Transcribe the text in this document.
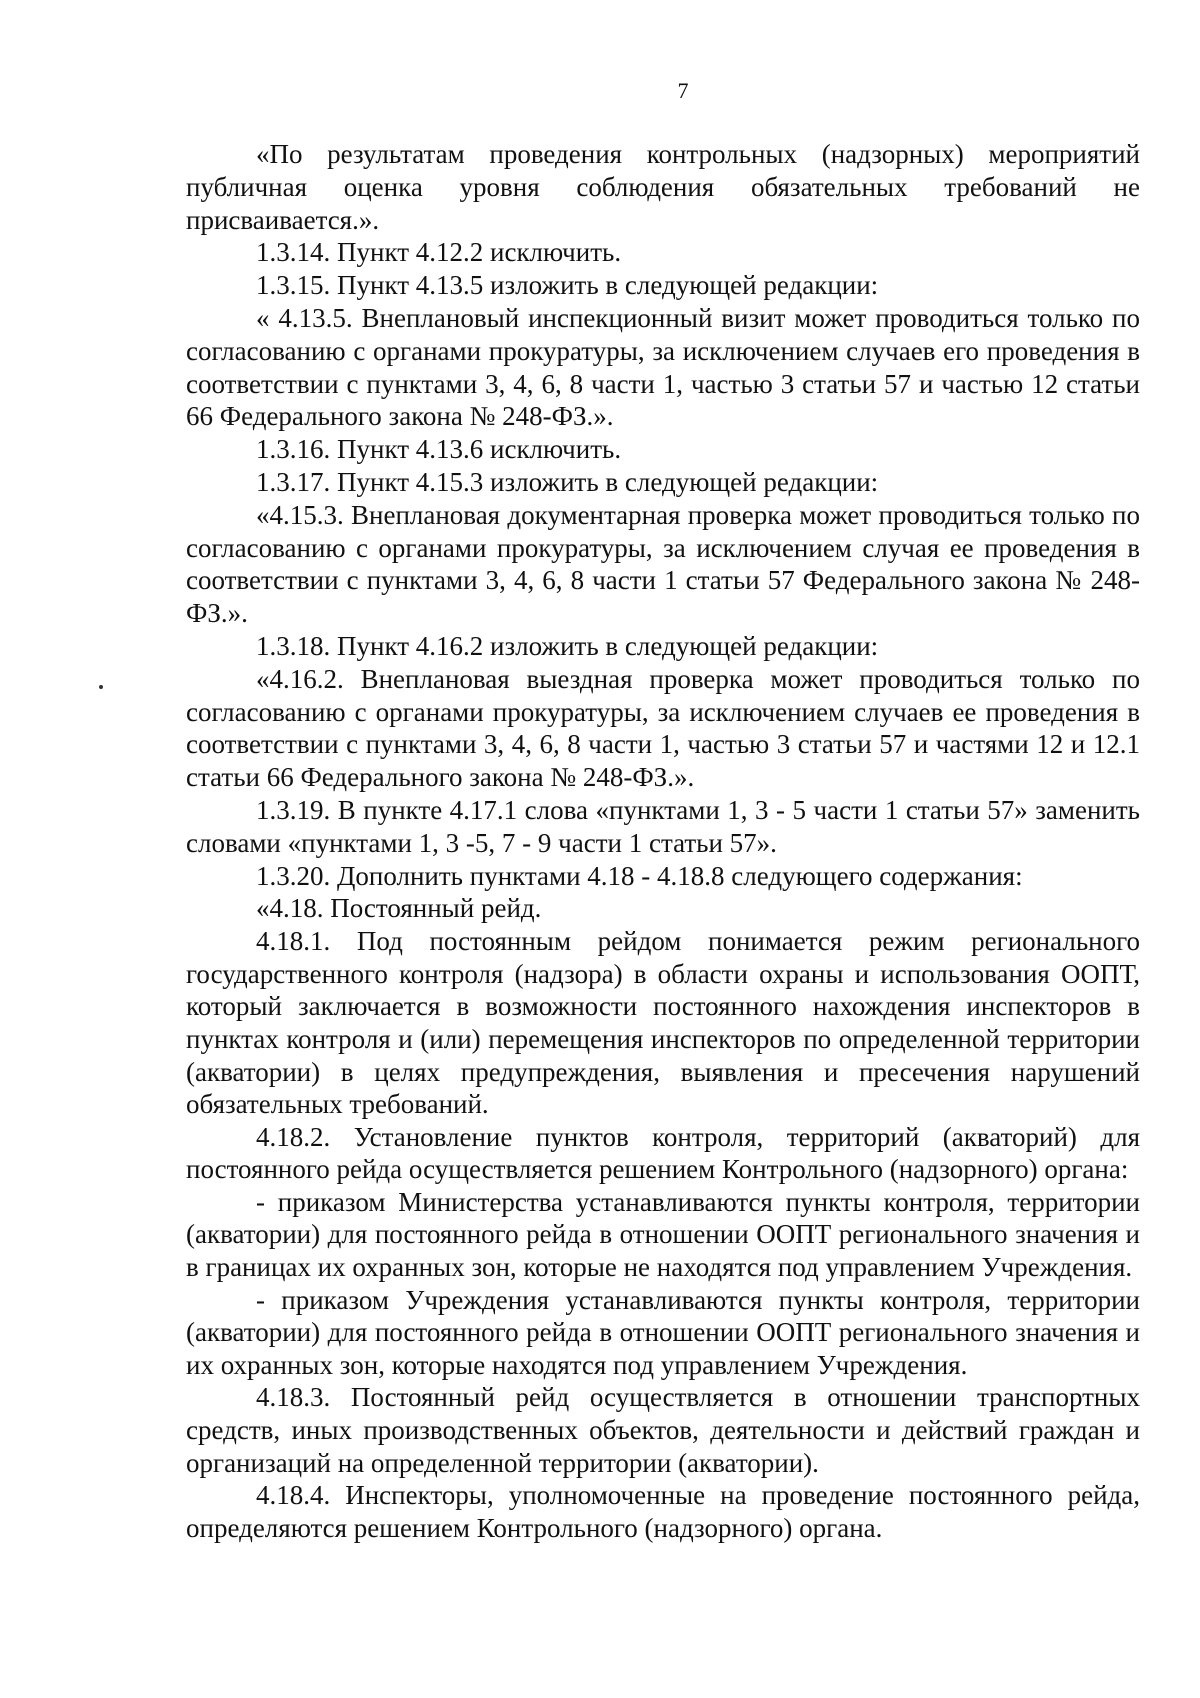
7

«По результатам проведения контрольных (надзорных) мероприятий публичная оценка уровня соблюдения обязательных требований не присваивается.».

1.3.14. Пункт 4.12.2 исключить.

1.3.15. Пункт 4.13.5 изложить в следующей редакции:

« 4.13.5. Внеплановый инспекционный визит может проводиться только по согласованию с органами прокуратуры, за исключением случаев его проведения в соответствии с пунктами 3, 4, 6, 8 части 1, частью 3 статьи 57 и частью 12 статьи 66 Федерального закона № 248-ФЗ.».

1.3.16. Пункт 4.13.6 исключить.

1.3.17. Пункт 4.15.3 изложить в следующей редакции:

«4.15.3. Внеплановая документарная проверка может проводиться только по согласованию с органами прокуратуры, за исключением случая ее проведения в соответствии с пунктами 3, 4, 6, 8 части 1 статьи 57 Федерального закона № 248-ФЗ.».

1.3.18. Пункт 4.16.2 изложить в следующей редакции:

«4.16.2. Внеплановая выездная проверка может проводиться только по согласованию с органами прокуратуры, за исключением случаев ее проведения в соответствии с пунктами 3, 4, 6, 8 части 1, частью 3 статьи 57 и частями 12 и 12.1 статьи 66 Федерального закона № 248-ФЗ.».

1.3.19. В пункте 4.17.1 слова «пунктами 1, 3 - 5 части 1 статьи 57» заменить словами «пунктами 1, 3 -5, 7 - 9 части 1 статьи 57».

1.3.20. Дополнить пунктами 4.18 - 4.18.8 следующего содержания:

«4.18. Постоянный рейд.

4.18.1. Под постоянным рейдом понимается режим регионального государственного контроля (надзора) в области охраны и использования ООПТ, который заключается в возможности постоянного нахождения инспекторов в пунктах контроля и (или) перемещения инспекторов по определенной территории (акватории) в целях предупреждения, выявления и пресечения нарушений обязательных требований.

4.18.2. Установление пунктов контроля, территорий (акваторий) для постоянного рейда осуществляется решением Контрольного (надзорного) органа:

- приказом Министерства устанавливаются пункты контроля, территории (акватории) для постоянного рейда в отношении ООПТ регионального значения и в границах их охранных зон, которые не находятся под управлением Учреждения.

- приказом Учреждения устанавливаются пункты контроля, территории (акватории) для постоянного рейда в отношении ООПТ регионального значения и их охранных зон, которые находятся под управлением Учреждения.

4.18.3. Постоянный рейд осуществляется в отношении транспортных средств, иных производственных объектов, деятельности и действий граждан и организаций на определенной территории (акватории).

4.18.4. Инспекторы, уполномоченные на проведение постоянного рейда, определяются решением Контрольного (надзорного) органа.
